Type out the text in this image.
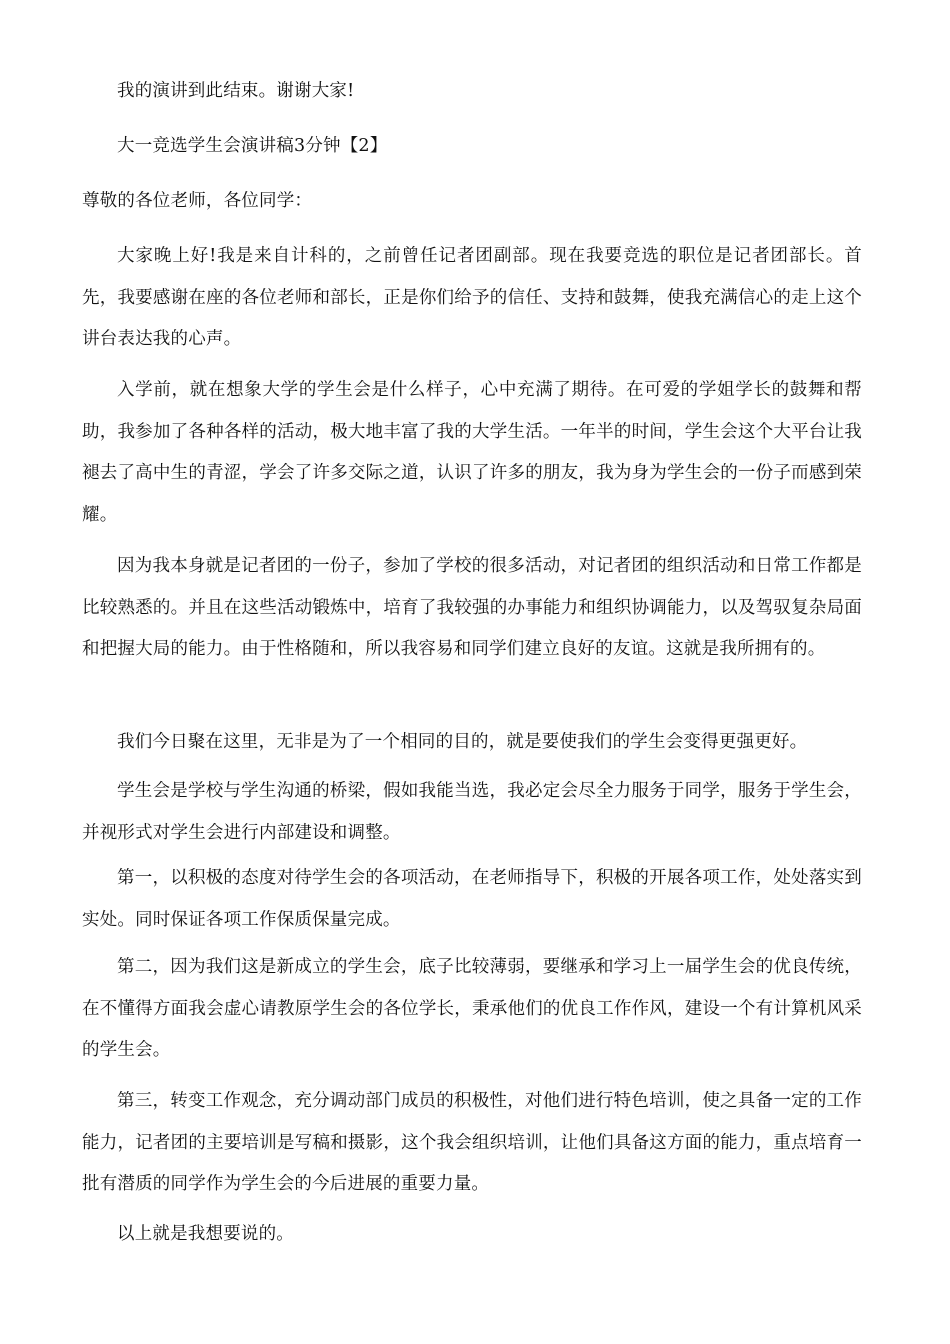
我的演讲到此结束。谢谢大家!

大一竞选学生会演讲稿3分钟【2】

尊敬的各位老师，各位同学：

大家晚上好!我是来自计科的，之前曾任记者团副部。现在我要竞选的职位是记者团部长。首先，我要感谢在座的各位老师和部长，正是你们给予的信任、支持和鼓舞，使我充满信心的走上这个讲台表达我的心声。

入学前，就在想象大学的学生会是什么样子，心中充满了期待。在可爱的学姐学长的鼓舞和帮助，我参加了各种各样的活动，极大地丰富了我的大学生活。一年半的时间，学生会这个大平台让我褪去了高中生的青涩，学会了许多交际之道，认识了许多的朋友，我为身为学生会的一份子而感到荣耀。

因为我本身就是记者团的一份子，参加了学校的很多活动，对记者团的组织活动和日常工作都是比较熟悉的。并且在这些活动锻炼中，培育了我较强的办事能力和组织协调能力，以及驾驭复杂局面和把握大局的能力。由于性格随和，所以我容易和同学们建立良好的友谊。这就是我所拥有的。

我们今日聚在这里，无非是为了一个相同的目的，就是要使我们的学生会变得更强更好。

学生会是学校与学生沟通的桥梁，假如我能当选，我必定会尽全力服务于同学，服务于学生会，并视形式对学生会进行内部建设和调整。

第一，以积极的态度对待学生会的各项活动，在老师指导下，积极的开展各项工作，处处落实到实处。同时保证各项工作保质保量完成。

第二，因为我们这是新成立的学生会，底子比较薄弱，要继承和学习上一届学生会的优良传统，在不懂得方面我会虚心请教原学生会的各位学长，秉承他们的优良工作作风，建设一个有计算机风采的学生会。

第三，转变工作观念，充分调动部门成员的积极性，对他们进行特色培训，使之具备一定的工作能力，记者团的主要培训是写稿和摄影，这个我会组织培训，让他们具备这方面的能力，重点培育一批有潜质的同学作为学生会的今后进展的重要力量。

以上就是我想要说的。
